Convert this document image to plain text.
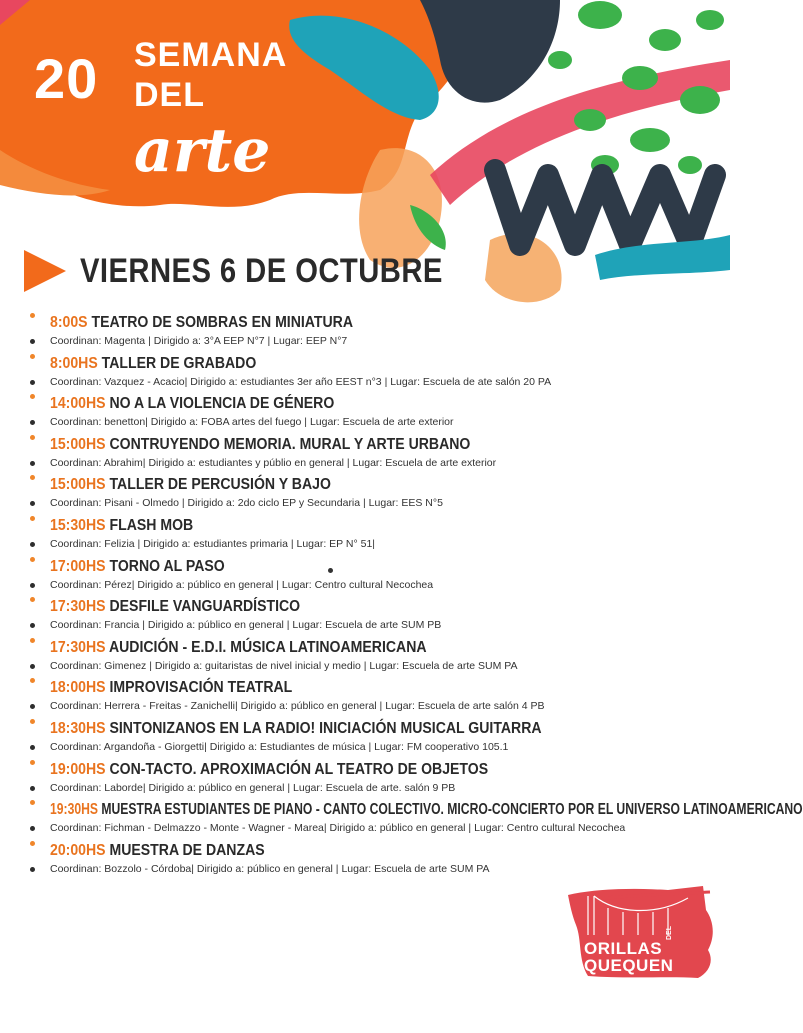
20 SEMANA
DEL
arte
VIERNES 6 DE OCTUBRE
8:00S TEATRO DE SOMBRAS EN MINIATURA
Coordinan: Magenta | Dirigido a: 3°A EEP N°7 | Lugar: EEP N°7
8:00HS TALLER DE GRABADO
Coordinan: Vazquez - Acacio| Dirigido a: estudiantes 3er año EEST n°3 | Lugar: Escuela de ate salón 20 PA
14:00HS NO A LA VIOLENCIA DE GÉNERO
Coordinan: benetton| Dirigido a: FOBA artes del fuego | Lugar: Escuela de arte exterior
15:00HS CONTRUYENDO MEMORIA. MURAL Y ARTE URBANO
Coordinan: Abrahim| Dirigido a: estudiantes y públio en general | Lugar: Escuela de arte exterior
15:00HS TALLER DE PERCUSIÓN Y BAJO
Coordinan: Pisani - Olmedo | Dirigido a: 2do ciclo EP y Secundaria | Lugar: EES N°5
15:30HS FLASH MOB
Coordinan: Felizia | Dirigido a: estudiantes primaria | Lugar: EP N° 51|
17:00HS TORNO AL PASO
Coordinan: Pérez| Dirigido a: público en general | Lugar: Centro cultural Necochea
17:30HS DESFILE VANGUARDÍSTICO
Coordinan: Francia | Dirigido a: público en general | Lugar: Escuela de arte SUM PB
17:30HS AUDICIÓN - E.D.I. MÚSICA LATINOAMERICANA
Coordinan: Gimenez | Dirigido a: guitaristas de nivel inicial y medio | Lugar: Escuela de arte SUM PA
18:00HS IMPROVISACIÓN TEATRAL
Coordinan: Herrera - Freitas - Zanichelli| Dirigido a: público en general | Lugar: Escuela de arte salón 4 PB
18:30HS SINTONIZANOS EN LA RADIO! INICIACIÓN MUSICAL GUITARRA
Coordinan: Argandoña - Giorgetti| Dirigido a: Estudiantes de música | Lugar: FM cooperativo 105.1
19:00HS CON-TACTO. APROXIMACIÓN AL TEATRO DE OBJETOS
Coordinan: Laborde| Dirigido a: público en general | Lugar: Escuela de arte. salón 9 PB
19:30HS MUESTRA ESTUDIANTES DE PIANO - CANTO COLECTIVO. MICRO-CONCIERTO POR EL UNIVERSO LATINOAMERICANO
Coordinan: Fichman - Delmazzo - Monte - Wagner - Marea| Dirigido a: público en general | Lugar: Centro cultural Necochea
20:00HS MUESTRA DE DANZAS
Coordinan: Bozzolo - Córdoba| Dirigido a: público en general | Lugar: Escuela de arte SUM PA
ORILLAS
DEL
QUEQUEN
